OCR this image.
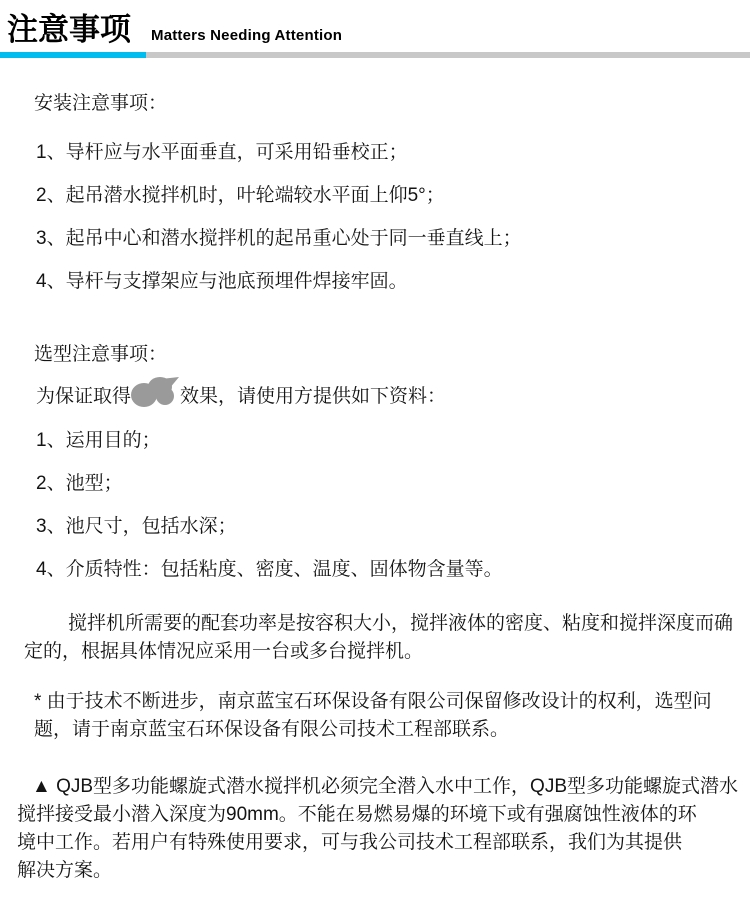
注意事项 Matters Needing Attention

安装注意事项：

1、导杆应与水平面垂直，可采用铅垂校正；

2、起吊潜水搅拌机时，叶轮端较水平面上仰5°；

3、起吊中心和潜水搅拌机的起吊重心处于同一垂直线上；

4、导杆与支撑架应与池底预埋件焊接牢固。

选型注意事项：

为保证取得	效果，请使用方提供如下资料：

1、运用目的；

2、池型；

3、池尺寸，包括水深；

4、介质特性：包括粘度、密度、温度、固体物含量等。

搅拌机所需要的配套功率是按容积大小，搅拌液体的密度、粘度和搅拌深度而确
定的，根据具体情况应采用一台或多台搅拌机。
* 由于技术不断进步，南京蓝宝石环保设备有限公司保留修改设计的权利，选型问
题，请于南京蓝宝石环保设备有限公司技术工程部联系。
▲ QJB型多功能螺旋式潜水搅拌机必须完全潜入水中工作，QJB型多功能螺旋式潜水
搅拌接受最小潜入深度为90mm。不能在易燃易爆的环境下或有强腐蚀性液体的环
境中工作。若用户有特殊使用要求，可与我公司技术工程部联系，我们为其提供
解决方案。
